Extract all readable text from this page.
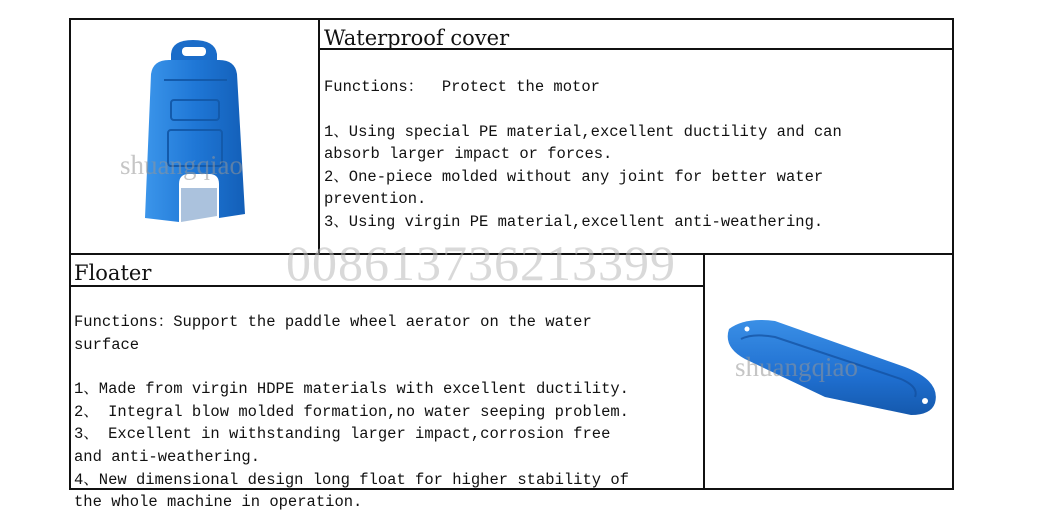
Waterproof cover
Functions：  Protect the motor
1、Using special PE material,excellent ductility and can absorb larger impact or forces.
2、One-piece molded without any joint for better water prevention.
3、Using virgin PE material,excellent anti-weathering.
Floater
Functions：Support the paddle wheel aerator on the water surface
1、Made from virgin HDPE materials with excellent ductility.
2、 Integral blow molded formation,no water seeping problem.
3、 Excellent in withstanding larger impact,corrosion free and anti-weathering.
4、New dimensional design long float for higher stability of the whole machine in operation.
shuangqiao
shuangqiao
008613736213399
